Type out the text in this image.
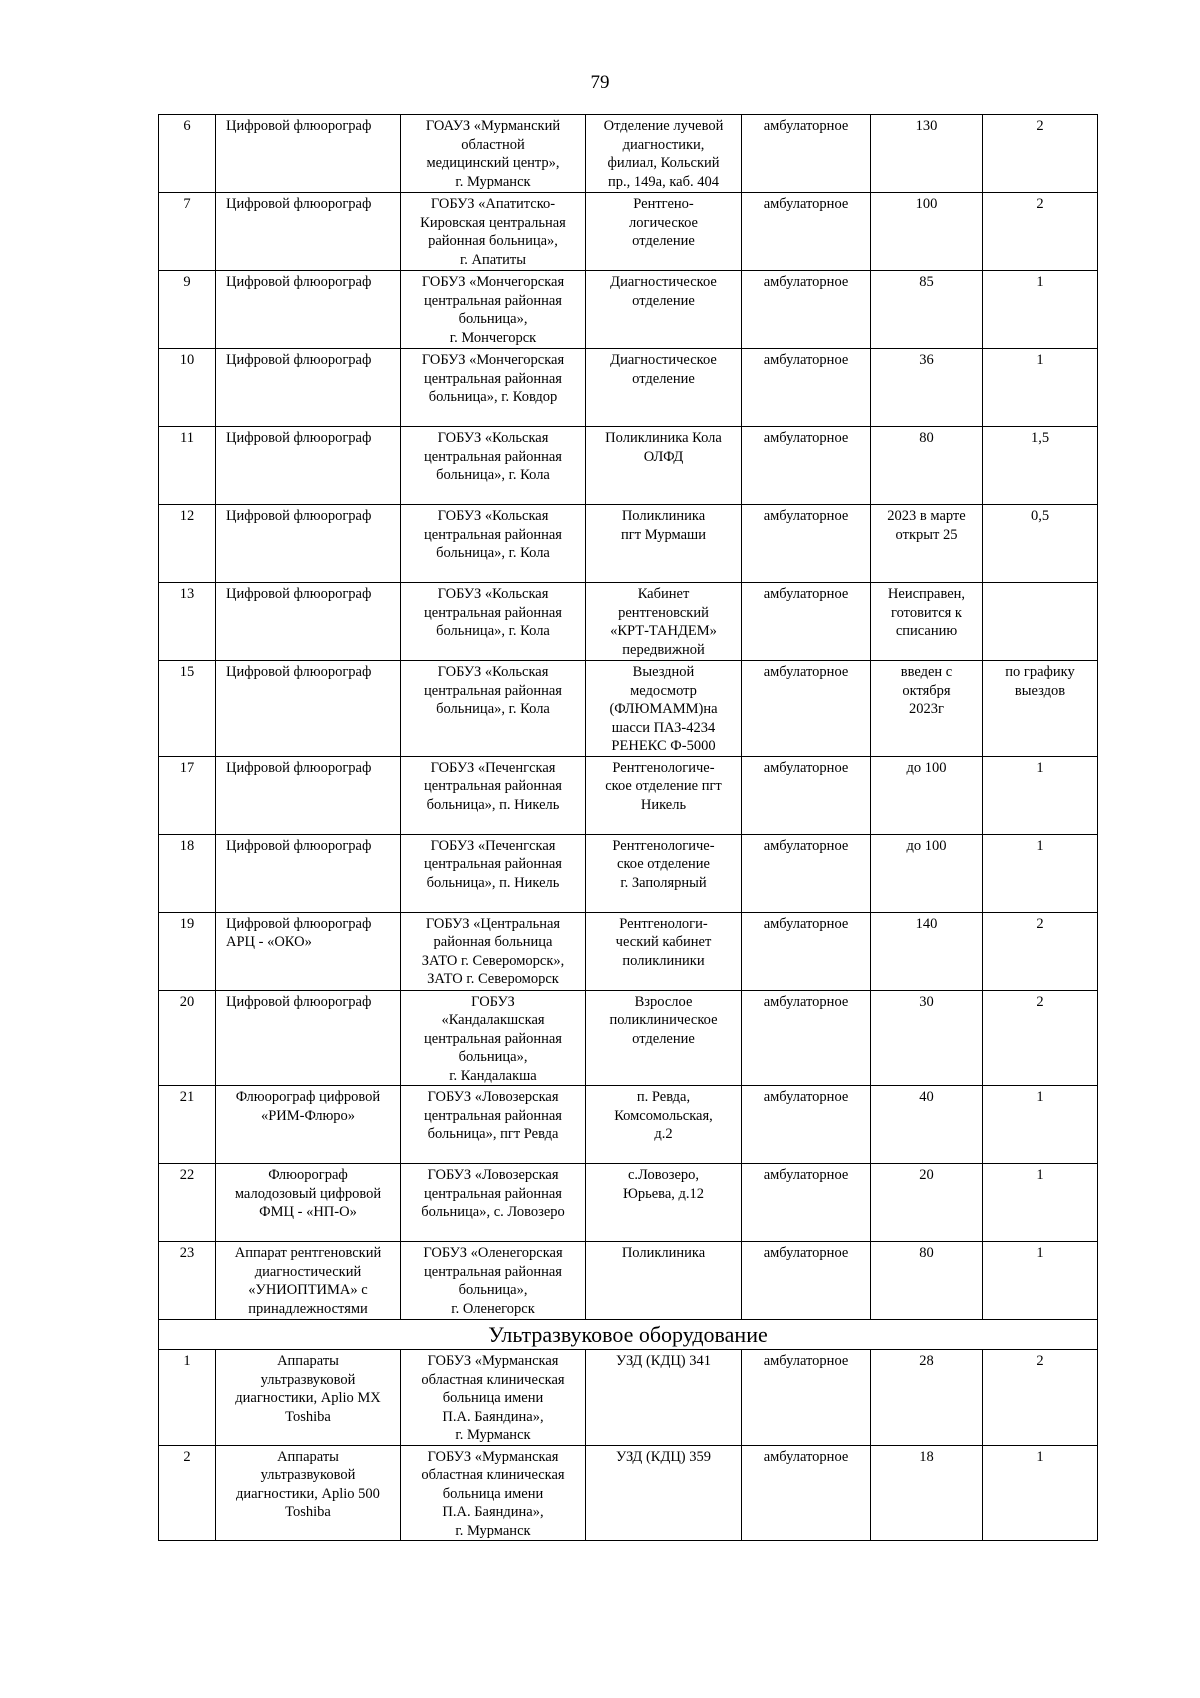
79
6	Цифровой флюорограф	ГОАУЗ «Мурманский
областной
медицинский центр»,
г. Мурманск	Отделение лучевой
диагностики,
филиал, Кольский
пр., 149а, каб. 404	амбулаторное	130	2
7	Цифровой флюорограф	ГОБУЗ «Апатитско-
Кировская центральная
районная больница»,
г. Апатиты	Рентгено-
логическое
отделение	амбулаторное	100	2
9	Цифровой флюорограф	ГОБУЗ «Мончегорская
центральная районная
больница»,
г. Мончегорск	Диагностическое
отделение	амбулаторное	85	1
10	Цифровой флюорограф	ГОБУЗ «Мончегорская
центральная районная
больница», г. Ковдор	Диагностическое
отделение	амбулаторное	36	1
11	Цифровой флюорограф	ГОБУЗ «Кольская
центральная районная
больница», г. Кола	Поликлиника Кола
ОЛФД	амбулаторное	80	1,5
12	Цифровой флюорограф	ГОБУЗ «Кольская
центральная районная
больница», г. Кола	Поликлиника
пгт Мурмаши	амбулаторное	2023 в марте
открыт 25	0,5
13	Цифровой флюорограф	ГОБУЗ «Кольская
центральная районная
больница», г. Кола	Кабинет
рентгеновский
«КРТ-ТАНДЕМ»
передвижной	амбулаторное	Неисправен,
готовится к
списанию	
15	Цифровой флюорограф	ГОБУЗ «Кольская
центральная районная
больница», г. Кола	Выездной
медосмотр
(ФЛЮМАММ)на
шасси ПАЗ-4234
РЕНЕКС Ф-5000	амбулаторное	введен с
октября
2023г	по графику
выездов
17	Цифровой флюорограф	ГОБУЗ «Печенгская
центральная районная
больница», п. Никель	Рентгенологиче-
ское отделение пгт
Никель	амбулаторное	до 100	1
18	Цифровой флюорограф	ГОБУЗ «Печенгская
центральная районная
больница», п. Никель	Рентгенологиче-
ское отделение
г. Заполярный	амбулаторное	до 100	1
19	Цифровой флюорограф
АРЦ - «ОКО»	ГОБУЗ «Центральная
районная больница
ЗАТО г. Североморск»,
ЗАТО г. Североморск	Рентгенологи-
ческий кабинет
поликлиники	амбулаторное	140	2
20	Цифровой флюорограф	ГОБУЗ
«Кандалакшская
центральная районная
больница»,
г. Кандалакша	Взрослое
поликлиническое
отделение	амбулаторное	30	2
21	Флюорограф цифровой
«РИМ-Флюро»	ГОБУЗ «Ловозерская
центральная районная
больница», пгт Ревда	п. Ревда,
Комсомольская,
д.2	амбулаторное	40	1
22	Флюорограф
малодозовый цифровой
ФМЦ - «НП-О»	ГОБУЗ «Ловозерская
центральная районная
больница», с. Ловозеро	с.Ловозеро,
Юрьева, д.12	амбулаторное	20	1
23	Аппарат рентгеновский
диагностический
«УНИОПТИМА» с
принадлежностями	ГОБУЗ «Оленегорская
центральная районная
больница»,
г. Оленегорск	Поликлиника	амбулаторное	80	1
Ультразвуковое оборудование						
1	Аппараты
ультразвуковой
диагностики, Aplio MX
Toshiba	ГОБУЗ «Мурманская
областная клиническая
больница имени
П.А. Баяндина»,
г. Мурманск	УЗД (КДЦ) 341	амбулаторное	28	2
2	Аппараты
ультразвуковой
диагностики, Aplio 500
Toshiba	ГОБУЗ «Мурманская
областная клиническая
больница имени
П.А. Баяндина»,
г. Мурманск	УЗД (КДЦ) 359	амбулаторное	18	1
